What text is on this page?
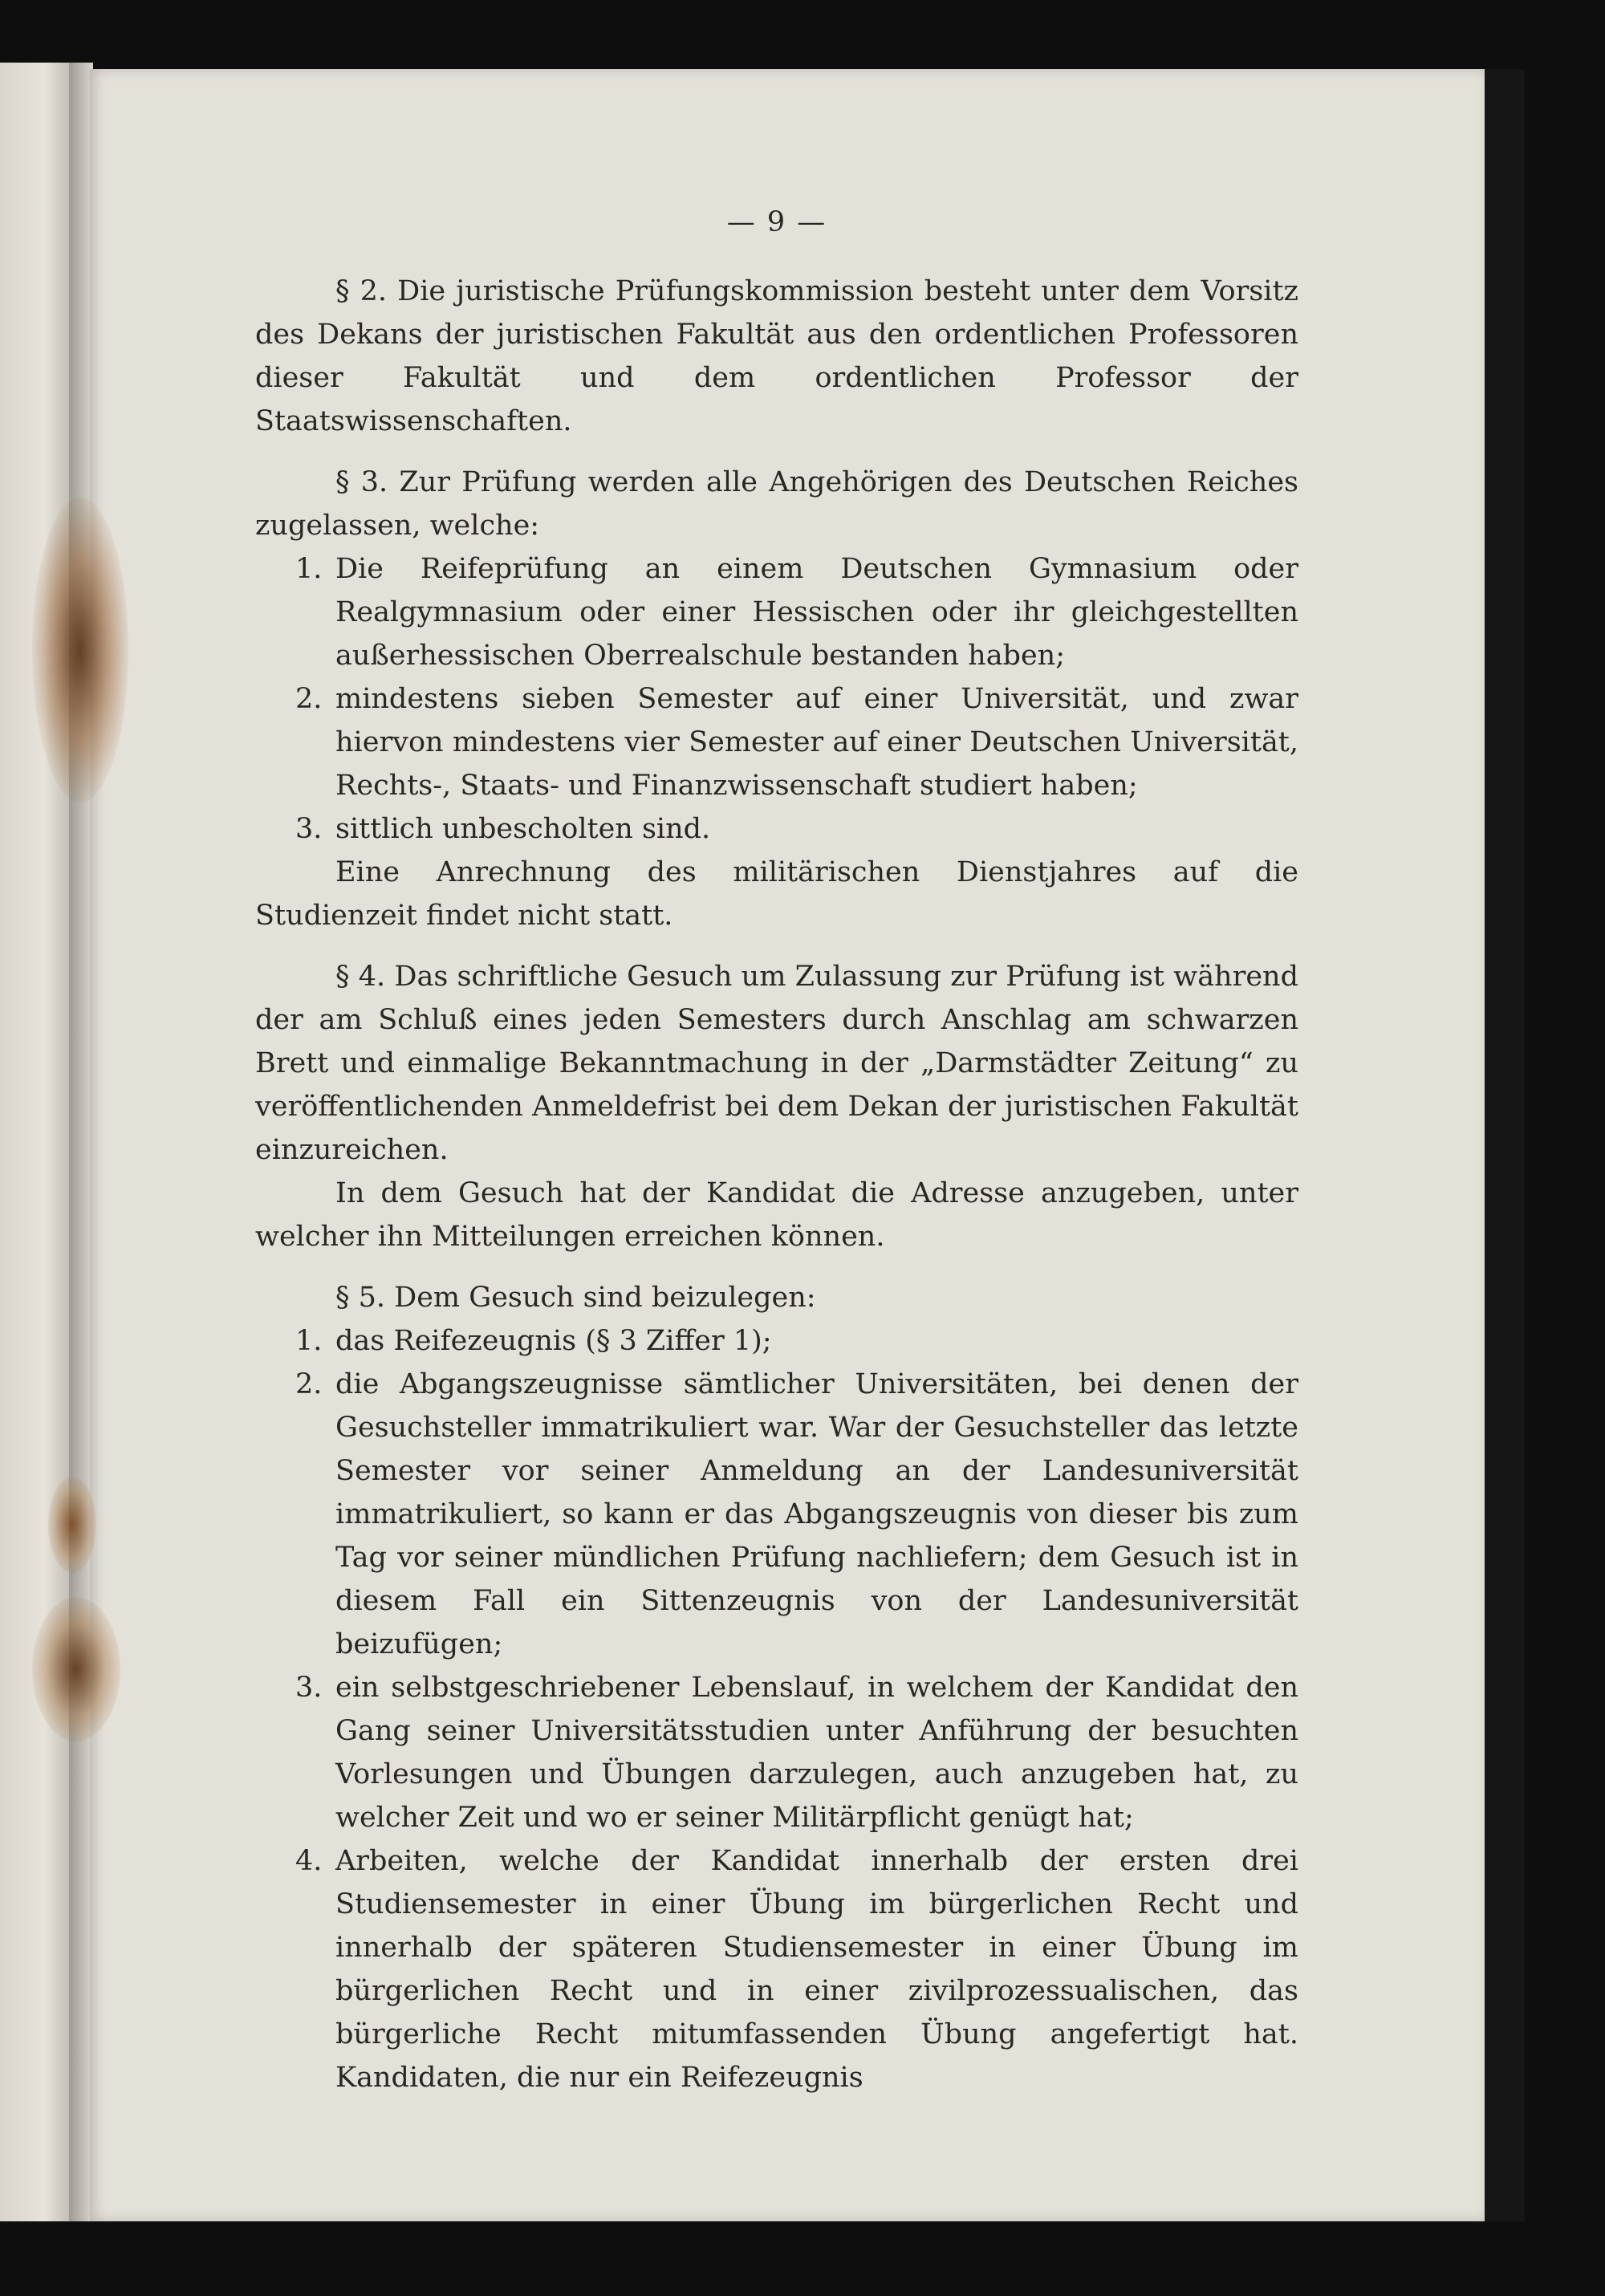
— 9 —

§ 2. Die juristische Prüfungskommission besteht unter dem Vorsitz des Dekans der juristischen Fakultät aus den ordentlichen Professoren dieser Fakultät und dem ordentlichen Professor der Staatswissenschaften.

§ 3. Zur Prüfung werden alle Angehörigen des Deutschen Reiches zugelassen, welche:

1. Die Reifeprüfung an einem Deutschen Gymnasium oder Realgymnasium oder einer Hessischen oder ihr gleichgestellten außerhessischen Oberrealschule bestanden haben;
2. mindestens sieben Semester auf einer Universität, und zwar hiervon mindestens vier Semester auf einer Deutschen Universität, Rechts-, Staats- und Finanzwissenschaft studiert haben;
3. sittlich unbescholten sind.

Eine Anrechnung des militärischen Dienstjahres auf die Studienzeit findet nicht statt.

§ 4. Das schriftliche Gesuch um Zulassung zur Prüfung ist während der am Schluß eines jeden Semesters durch Anschlag am schwarzen Brett und einmalige Bekanntmachung in der „Darmstädter Zeitung“ zu veröffentlichenden Anmeldefrist bei dem Dekan der juristischen Fakultät einzureichen.

In dem Gesuch hat der Kandidat die Adresse anzugeben, unter welcher ihn Mitteilungen erreichen können.

§ 5. Dem Gesuch sind beizulegen:

1. das Reifezeugnis (§ 3 Ziffer 1);
2. die Abgangszeugnisse sämtlicher Universitäten, bei denen der Gesuchsteller immatrikuliert war. War der Gesuchsteller das letzte Semester vor seiner Anmeldung an der Landesuniversität immatrikuliert, so kann er das Abgangszeugnis von dieser bis zum Tag vor seiner mündlichen Prüfung nachliefern; dem Gesuch ist in diesem Fall ein Sittenzeugnis von der Landesuniversität beizufügen;
3. ein selbstgeschriebener Lebenslauf, in welchem der Kandidat den Gang seiner Universitätsstudien unter Anführung der besuchten Vorlesungen und Übungen darzulegen, auch anzugeben hat, zu welcher Zeit und wo er seiner Militärpflicht genügt hat;
4. Arbeiten, welche der Kandidat innerhalb der ersten drei Studiensemester in einer Übung im bürgerlichen Recht und innerhalb der späteren Studiensemester in einer Übung im bürgerlichen Recht und in einer zivilprozessualischen, das bürgerliche Recht mitumfassenden Übung angefertigt hat. Kandidaten, die nur ein Reifezeugnis
